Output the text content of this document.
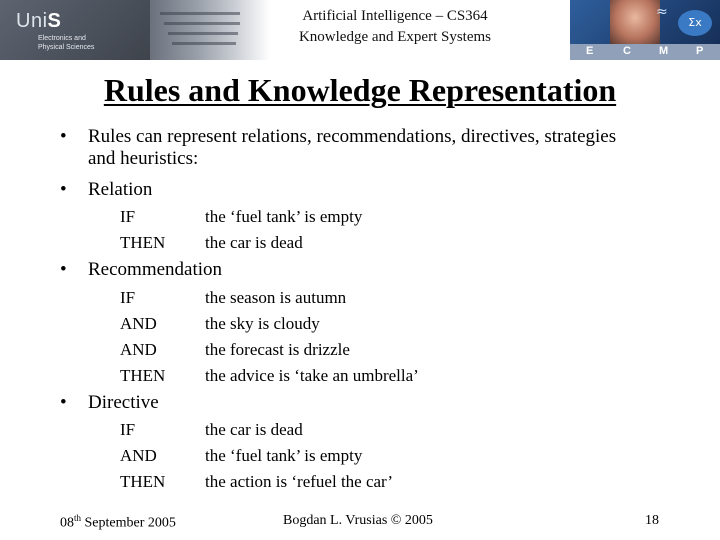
UniS
Electronics and
Physical Sciences
Artificial Intelligence – CS364
Knowledge and Expert Systems
≈
Σx
E	C	M	P
Rules and Knowledge Representation
• Rules can represent relations, recommendations, directives, strategies
and heuristics:
• Relation
IF	the ‘fuel tank’ is empty
THEN the car is dead
• Recommendation
IF	the season is autumn
AND	the sky is cloudy
AND	the forecast is drizzle
THEN the advice is ‘take an umbrella’
• Directive
IF	the car is dead
AND	the ‘fuel tank’ is empty
THEN the action is ‘refuel the car’
08th September 2005	Bogdan L. Vrusias © 2005	18
